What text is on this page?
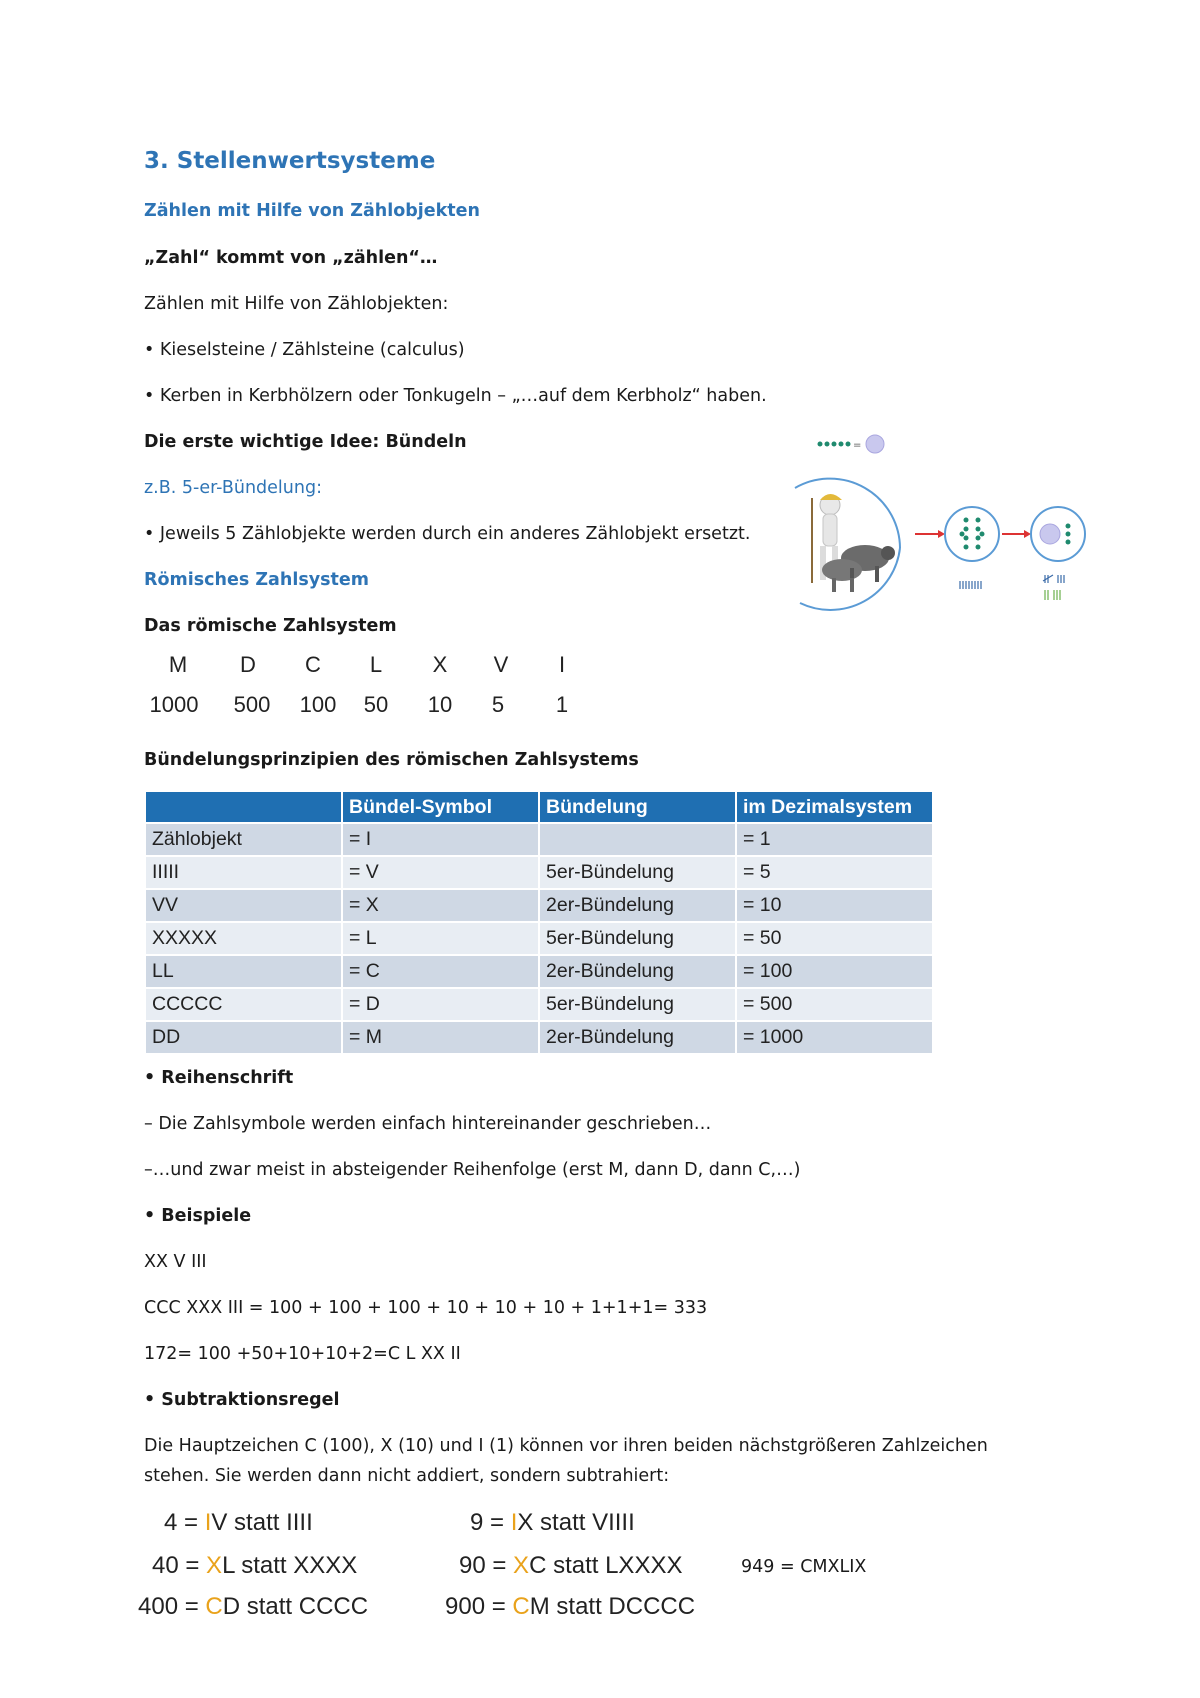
3. Stellenwertsysteme
Zählen mit Hilfe von Zählobjekten
„Zahl“ kommt von „zählen“…
Zählen mit Hilfe von Zählobjekten:
• Kieselsteine / Zählsteine (calculus)
• Kerben in Kerbhölzern oder Tonkugeln – „…auf dem Kerbholz“ haben.
Die erste wichtige Idee: Bündeln
z.B. 5-er-Bündelung:
• Jeweils 5 Zählobjekte werden durch ein anderes Zählobjekt ersetzt.
Römisches Zahlsystem
Das römische Zahlsystem
=
M	D	C	L	X	V	I
1000	500	100	50	10	5	1
Bündelungsprinzipien des römischen Zahlsystems
	Bündel-Symbol	Bündelung	im Dezimalsystem
Zählobjekt	= I		= 1
IIIII	= V	5er-Bündelung	= 5
VV	= X	2er-Bündelung	= 10
XXXXX	= L	5er-Bündelung	= 50
LL	= C	2er-Bündelung	= 100
CCCCC	= D	5er-Bündelung	= 500
DD	= M	2er-Bündelung	= 1000
• Reihenschrift
– Die Zahlsymbole werden einfach hintereinander geschrieben…
–…und zwar meist in absteigender Reihenfolge (erst M, dann D, dann C,…)
• Beispiele
XX V III
CCC XXX III = 100 + 100 + 100 + 10 + 10 + 10 + 1+1+1= 333
172= 100 +50+10+10+2=C L XX II
• Subtraktionsregel
Die Hauptzeichen C (100), X (10) und I (1) können vor ihren beiden nächstgrößeren Zahlzeichen
stehen. Sie werden dann nicht addiert, sondern subtrahiert:
4 = IV statt IIII	9 = IX statt VIIII
40 = XL statt XXXX	90 = XC statt LXXXX
400 = CD statt CCCC	900 = CM statt DCCCC
949 = CMXLIX
